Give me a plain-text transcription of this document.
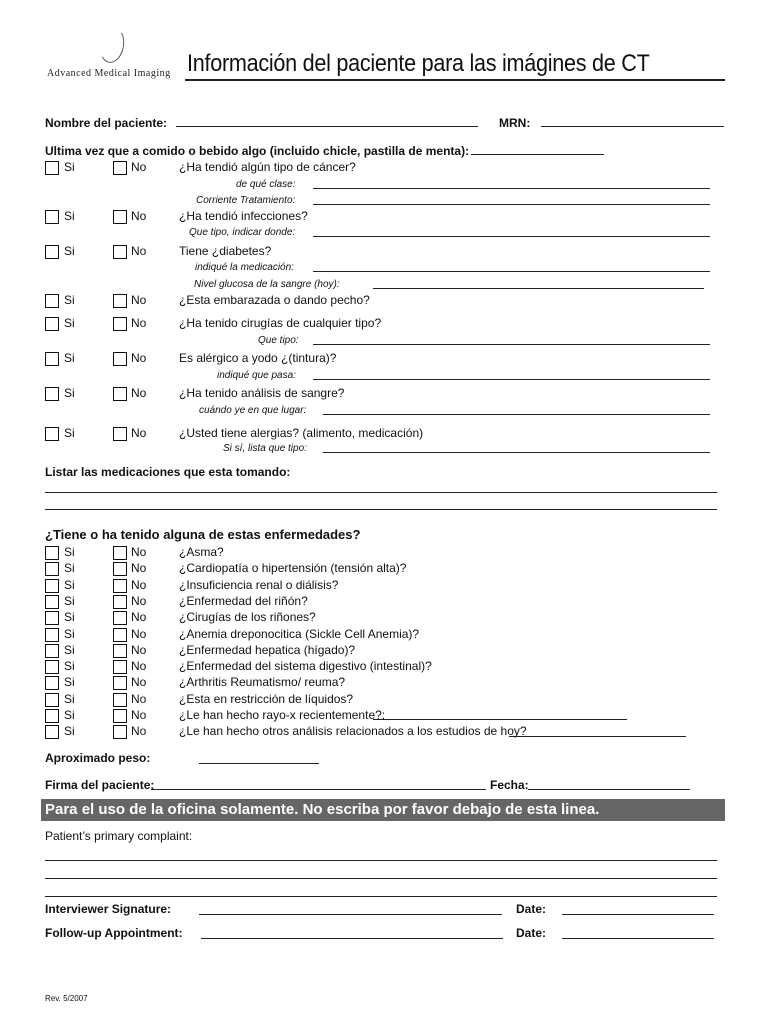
Advanced Medical Imaging Información del paciente para las imágines de CT
Nombre del paciente:	MRN:
Ultima vez que a comido o bebido algo (incluido chicle, pastilla de menta):
Si	No	¿Ha tendió algún tipo de cáncer?
de qué clase:
Corriente Tratamiento:
Si	No	¿Ha tendió infecciones?
Que tipo, indicar donde:
Si	No	Tiene ¿diabetes?
indiqué la medicación:
Nivel glucosa de la sangre (hoy):
Si	No	¿Esta embarazada o dando pecho?
Si	No	¿Ha tenido cirugías de cualquier tipo?
Que tipo:
Si	No	Es alérgico a yodo ¿(tintura)?
indiqué que pasa:
Si	No	¿Ha tenido análisis de sangre?
cuándo ye en que lugar:
Si	No	¿Usted tiene alergias? (alimento, medicación)
Si sí, lista que tipo:
Listar las medicaciones que esta tomando:
¿Tiene o ha tenido alguna de estas enfermedades?
Si	No	¿Asma?
Si	No	¿Cardiopatía o hipertensión (tensión alta)?
Si	No	¿Insuficiencia renal o diálisis?
Si	No	¿Enfermedad del riñón?
Si	No	¿Cirugías de los riñones?
Si	No	¿Anemia dreponocitica (Sickle Cell Anemia)?
Si	No	¿Enfermedad hepatica (hígado)?
Si	No	¿Enfermedad del sistema digestivo (intestinal)?
Si	No	¿Arthritis Reumatismo/ reuma?
Si	No	¿Esta en restricción de líquidos?
Si	No	¿Le han hecho rayo-x recientemente?:
Si	No	¿Le han hecho otros análisis relacionados a los estudios de hoy?
Aproximado peso:
Firma del paciente:	Fecha:
Para el uso de la oficina solamente. No escriba por favor debajo de esta linea.
Patient’s primary complaint:
Interviewer Signature:	Date:
Follow-up Appointment:	Date:
Rev. 5/2007
